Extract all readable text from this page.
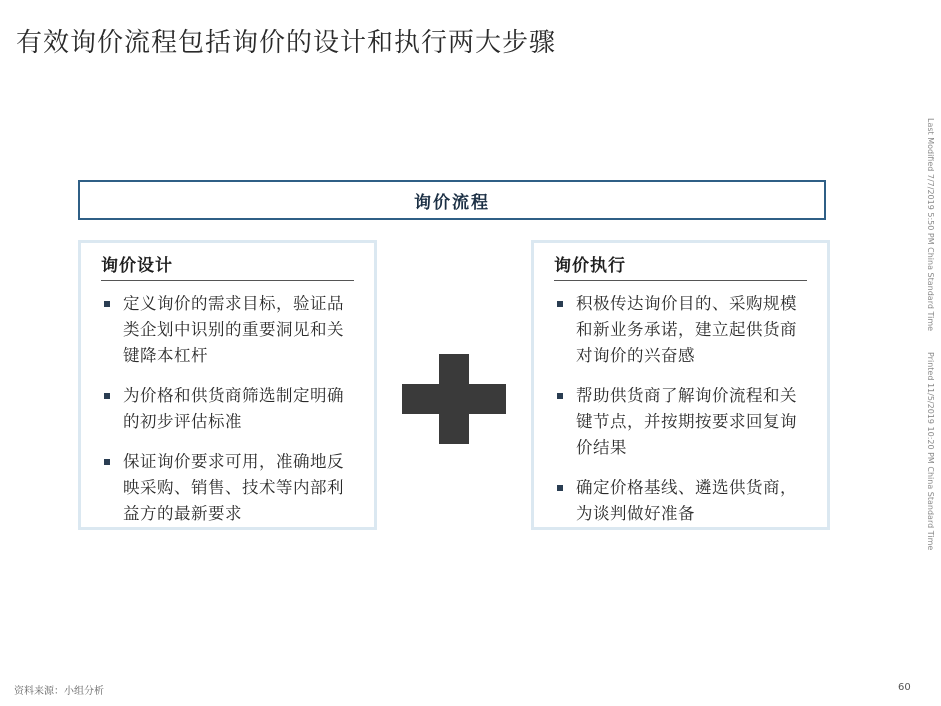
有效询价流程包括询价的设计和执行两大步骤
Last Modified 7/7/2019 5:50 PM China Standard Time
Printed 11/5/2019 10:20 PM China Standard Time
询价流程
询价设计
定义询价的需求目标，验证品类企划中识别的重要洞见和关键降本杠杆
为价格和供货商筛选制定明确的初步评估标准
保证询价要求可用，准确地反映采购、销售、技术等内部利益方的最新要求
询价执行
积极传达询价目的、采购规模和新业务承诺，建立起供货商对询价的兴奋感
帮助供货商了解询价流程和关键节点，并按期按要求回复询价结果
确定价格基线、遴选供货商，为谈判做好准备
资料来源：小组分析	60
